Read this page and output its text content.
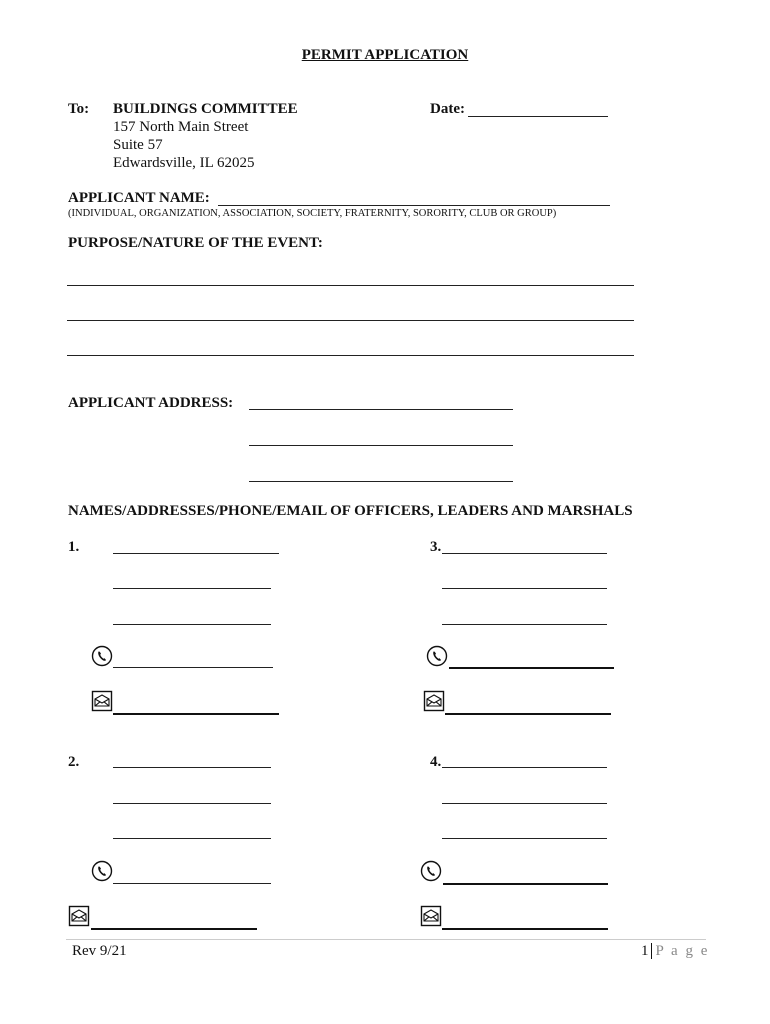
PERMIT APPLICATION
To: BUILDINGS COMMITTEE
157 North Main Street
Suite 57
Edwardsville, IL 62025
Date:
APPLICANT NAME:
(INDIVIDUAL, ORGANIZATION, ASSOCIATION, SOCIETY, FRATERNITY, SORORITY, CLUB OR GROUP)
PURPOSE/NATURE OF THE EVENT:
APPLICANT ADDRESS:
NAMES/ADDRESSES/PHONE/EMAIL OF OFFICERS, LEADERS AND MARSHALS
1.	3.
2.	4.
Rev 9/21	1 P a g e
